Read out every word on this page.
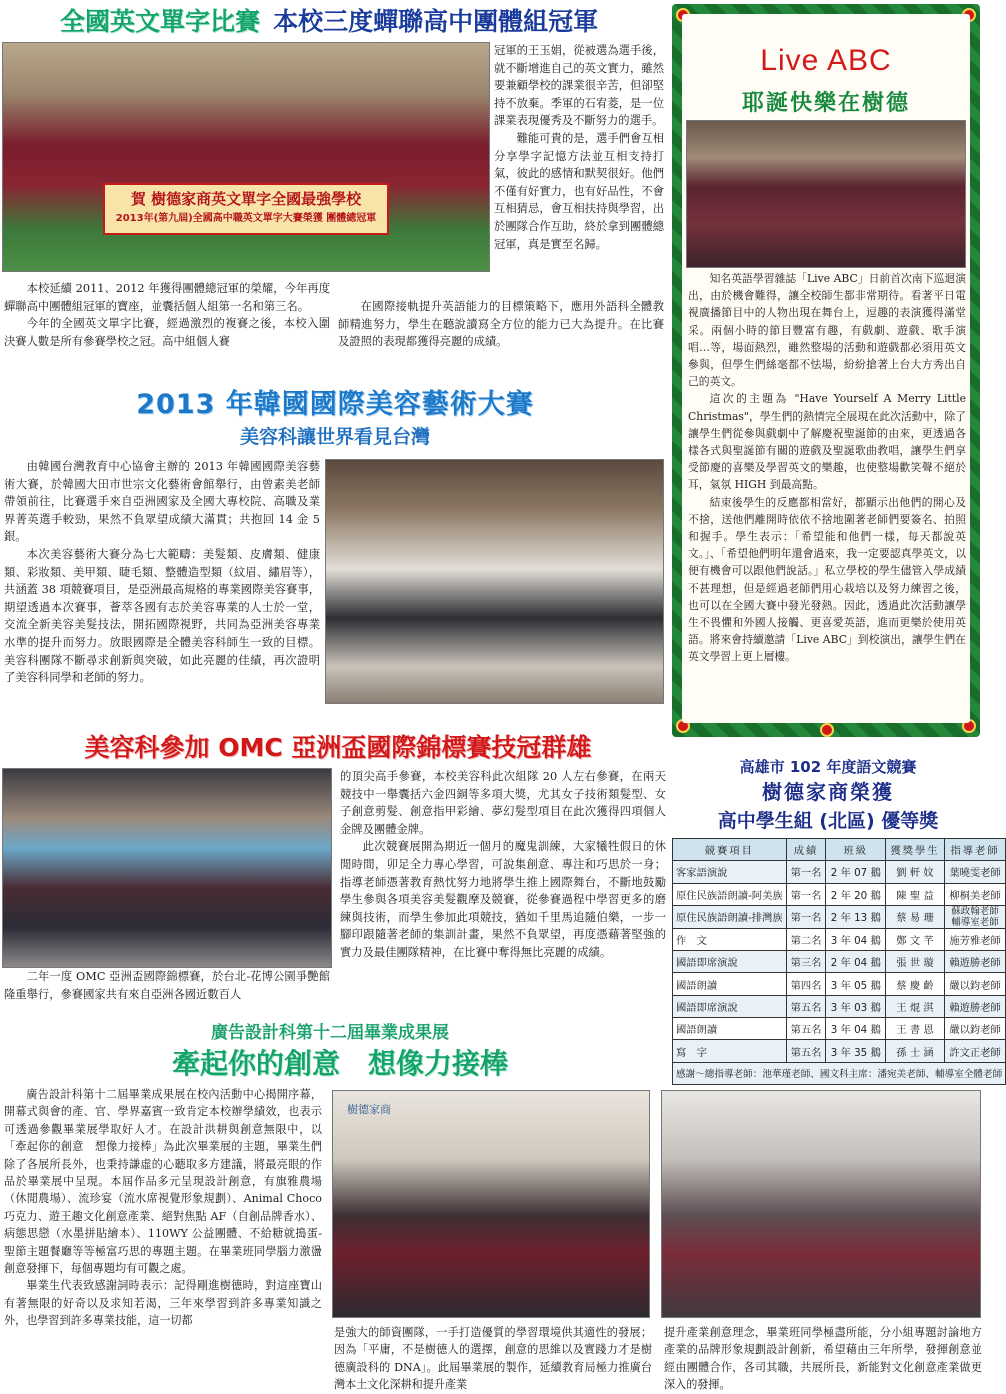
全國英文單字比賽 本校三度蟬聯高中團體組冠軍
賀 樹德家商英文單字全國最強學校
2013年(第九屆)全國高中職英文單字大賽榮獲 團體總冠軍

冠軍的王玉娟，從被選為選手後，就不斷增進自己的英文實力，雖然要兼顧學校的課業很辛苦，但卻堅持不放棄。季軍的石宥菱，是一位課業表現優秀及不斷努力的選手。

難能可貴的是，選手們會互相分享學字記憶方法並互相支持打氣，彼此的感情和默契很好。他們不僅有好實力，也有好品性，不會互相猜忌，會互相扶持與學習，出於團隊合作互助，終於拿到團體總冠軍，真是實至名歸。

本校延續 2011、2012 年獲得團體總冠軍的榮耀，今年再度蟬聯高中團體組冠軍的寶座，並囊括個人組第一名和第三名。

今年的全國英文單字比賽，經過激烈的複賽之後，本校入圍決賽人數是所有參賽學校之冠。高中組個人賽

在國際接軌提升英語能力的目標策略下，應用外語科全體教師精進努力，學生在聽說讀寫全方位的能力已大為提升。在比賽及證照的表現都獲得亮麗的成績。

2013 年韓國國際美容藝術大賽
美容科讓世界看見台灣

由韓國台灣教育中心協會主辦的 2013 年韓國國際美容藝術大賽，於韓國大田市世宗文化藝術會館舉行，由曾素美老師帶領前往，比賽選手來自亞洲國家及全國大專校院、高職及業界菁英選手較勁，果然不負眾望成績大滿貫；共抱回 14 金 5 銀。

本次美容藝術大賽分為七大範疇：美髮類、皮膚類、健康類、彩妝類、美甲類、睫毛類、整體造型類（紋眉、繡眉等），共涵蓋 38 項競賽項目，是亞洲最高規格的專業國際美容賽事，期望透過本次賽事，薈萃各國有志於美容專業的人士於一堂，交流全新美容美髮技法，開拓國際視野，共同為亞洲美容專業水準的提升而努力。放眼國際是全體美容科師生一致的目標。美容科團隊不斷尋求創新與突破，如此亮麗的佳績，再次證明了美容科同學和老師的努力。

美容科參加 OMC 亞洲盃國際錦標賽技冠群雄

二年一度 OMC 亞洲盃國際錦標賽，於台北-花博公園爭艷館隆重舉行，參賽國家共有來自亞洲各國近數百人

的頂尖高手參賽，本校美容科此次組隊 20 人左右參賽，在兩天競技中一舉囊括六金四銅等多項大獎，尤其女子技術類髮型、女子創意剪髮、創意指甲彩繪、夢幻髮型項目在此次獲得四項個人金牌及團體金牌。

此次競賽展開為期近一個月的魔鬼訓練，大家犧牲假日的休閒時間，卯足全力專心學習，可說集創意、專注和巧思於一身；指導老師憑著教育熱忱努力地將學生推上國際舞台，不斷地鼓勵學生參與各項美容美髮觀摩及競賽，從參賽過程中學習更多的磨練與技術，而學生參加此項競技，猶如千里馬追隨伯樂，一步一腳印跟隨著老師的集訓計畫，果然不負眾望，再度憑藉著堅強的實力及最佳團隊精神，在比賽中奪得無比亮麗的成績。

Live ABC
耶誕快樂在樹德

知名英語學習雜誌「Live ABC」日前首次南下巡迴演出，由於機會難得，讓全校師生都非常期待。看著平日電視廣播節目中的人物出現在舞台上，逗趣的表演獲得滿堂采。兩個小時的節目豐富有趣，有戲劇、遊戲、歌手演唱…等，場面熱烈，雖然整場的活動和遊戲都必須用英文參與，但學生們絲毫都不怯場，紛紛搶著上台大方秀出自己的英文。

這次的主題為 "Have Yourself A Merry Little Christmas"，學生們的熱情完全展現在此次活動中，除了讓學生們從參與戲劇中了解慶祝聖誕節的由來，更透過各樣各式與聖誕節有關的遊戲及聖誕歌曲教唱，讓學生們享受節慶的喜樂及學習英文的樂趣，也使整場歡笑聲不絕於耳，氣氛 HIGH 到最高點。

結束後學生的反應都相當好，都顯示出他們的開心及不捨，送他們離開時依依不捨地圍著老師們要簽名、拍照和握手。學生表示：「希望能和他們一樣，每天都說英文。」、「希望他們明年還會過來，我一定要認真學英文，以便有機會可以跟他們說話。」私立學校的學生儘管入學成績不甚理想，但是經過老師們用心栽培以及努力練習之後，也可以在全國大賽中發光發熱。因此，透過此次活動讓學生不畏懼和外國人接觸、更喜愛英語，進而更樂於使用英語。將來會持續邀請「Live ABC」到校演出，讓學生們在英文學習上更上層樓。

高雄市 102 年度語文競賽
樹德家商榮獲
高中學生組 (北區) 優等獎
競賽項目	成績	班級	獲獎學生	指導老師
客家語演說	第一名	2 年 07 鵝	劉 軒 妏	葉曉雯老師
原住民族語朗讀-阿美族	第一名	2 年 20 鵝	陳 聖 益	柳桐美老師
原住民族語朗讀-排灣族	第一名	2 年 13 鵝	蔡 易 珊	蘇政翰老師
輔導室老師
作　文	第二名	3 年 04 鵝	鄭 文 芊	施芳雅老師
國語即席演說	第三名	2 年 04 鵝	張 世 璇	賴遊勝老師
國語朗讀	第四名	3 年 05 鵝	蔡 慶 齡	嚴以鈞老師
國語即席演說	第五名	3 年 03 鵝	王 焜 淇	賴遊勝老師
國語朗讀	第五名	3 年 04 鵝	王 書 恩	嚴以鈞老師
寫　字	第五名	3 年 35 鵝	孫 士 涵	許文正老師
感謝～總指導老師：池華瑾老師、國文科主席：潘宛美老師、輔導室全體老師				
廣告設計科第十二屆畢業成果展
牽起你的創意　想像力接棒

廣告設計科第十二屆畢業成果展在校內活動中心揭開序幕，開幕式與會的產、官、學界嘉賓一致肯定本校辦學績效，也表示可透過參觀畢業展學取好人才。在設計洪耕與創意無限中，以「牽起你的創意　想像力接棒」為此次畢業展的主題，畢業生們除了各展所長外，也秉持謙虛的心聽取多方建議，將最亮眼的作品於畢業展中呈現。本屆作品多元呈現設計創意，有旗雅農場（休閒農場）、流珍宴（流水席視覺形象規劃）、Animal Choco 巧克力、遊王趣文化創意產業、絕對焦點 AF（自創品牌香水）、病態思戀（水墨拼貼繪本）、110WY 公益團體、不給糖就搗蛋-聖節主題餐廳等等極富巧思的專題主題。在畢業班同學腦力激盪創意發揮下，每個專題均有可觀之處。

畢業生代表致感謝詞時表示：記得剛進樹德時，對這座寶山有著無限的好奇以及求知若渴，三年來學習到許多專業知識之外，也學習到許多專業技能，這一切都

樹德家商

是強大的師資團隊，一手打造優質的學習環境供其適性的發展；因為「平庸，不是樹德人的選擇，創意的思維以及實踐力才是樹德廣設科的 DNA」。此屆畢業展的製作，延續教育局極力推廣台灣本土文化深耕和提升產業

提升產業創意理念，畢業班同學極盡所能，分小組專題討論地方產業的品牌形象規劃設計創新，希望藉由三年所學，發揮創意並經由團體合作，各司其職，共展所長，新能對文化創意產業做更深入的發揮。
